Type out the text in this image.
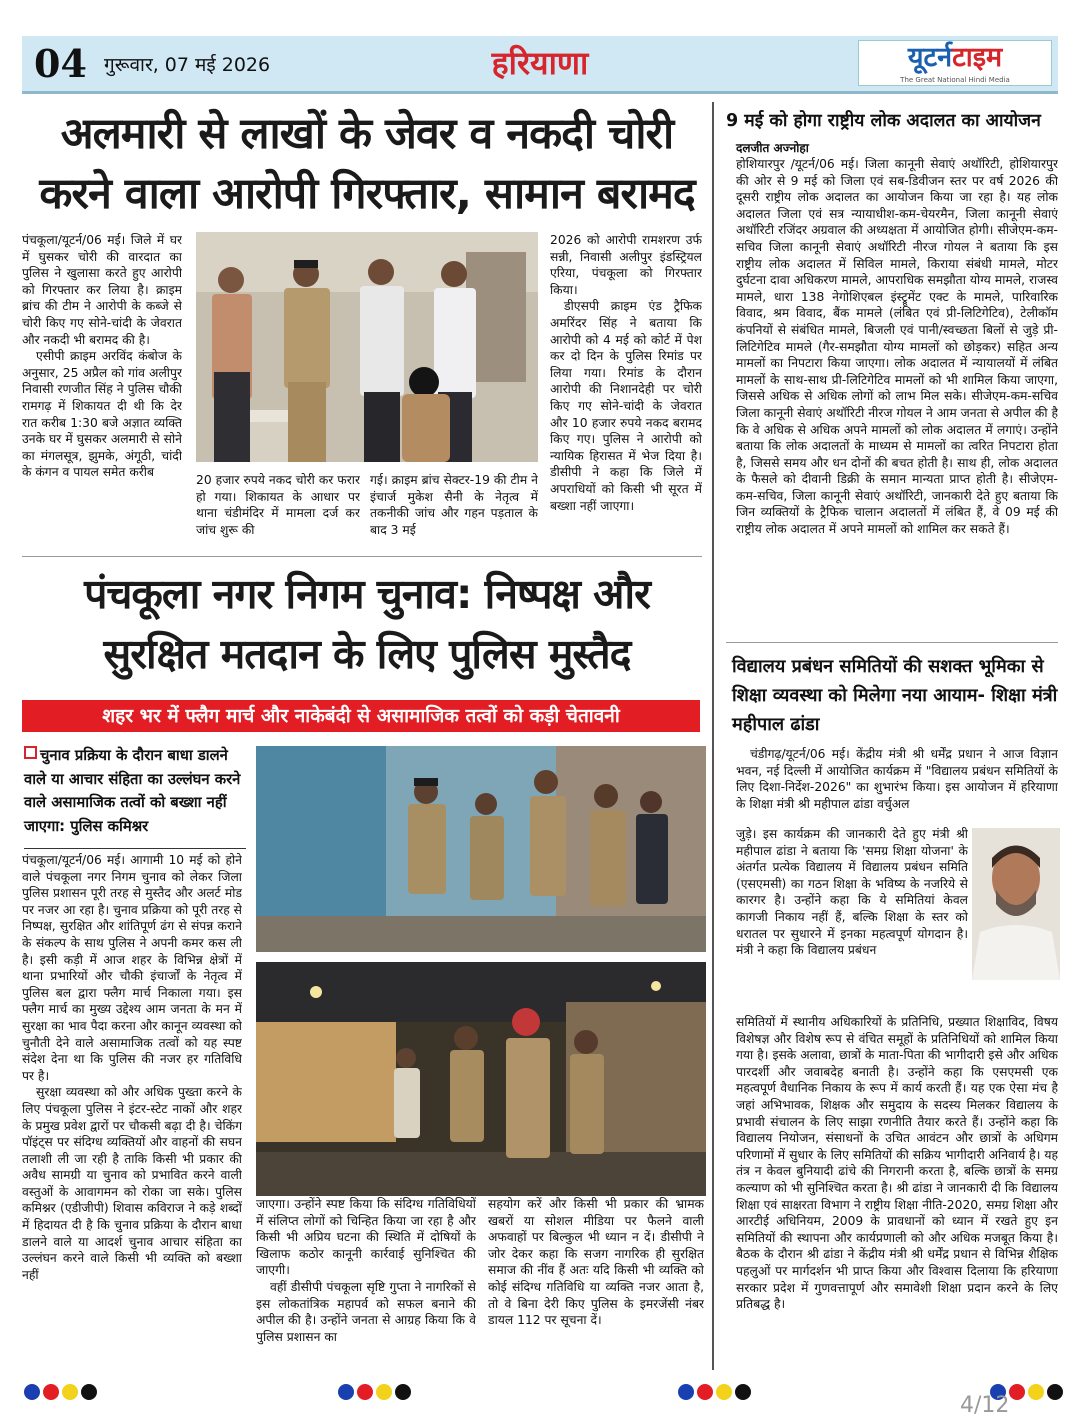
04 गुरूवार, 07 मई 2026	हरियाणा	यूटर्नटाइम
The Great National Hindi Media
अलमारी से लाखों के जेवर व नकदी चोरी
करने वाला आरोपी गिरफ्तार, सामान बरामद

पंचकूला/यूटर्न/06 मई। जिले में घर में घुसकर चोरी की वारदात का पुलिस ने खुलासा करते हुए आरोपी को गिरफ्तार कर लिया है। क्राइम ब्रांच की टीम ने आरोपी के कब्जे से चोरी किए गए सोने-चांदी के जेवरात और नकदी भी बरामद की है।

एसीपी क्राइम अरविंद कंबोज के अनुसार, 25 अप्रैल को गांव अलीपुर निवासी रणजीत सिंह ने पुलिस चौकी रामगढ़ में शिकायत दी थी कि देर रात करीब 1:30 बजे अज्ञात व्यक्ति उनके घर में घुसकर अलमारी से सोने का मंगलसूत्र, झुमके, अंगूठी, चांदी के कंगन व पायल समेत करीब

20 हजार रुपये नकद चोरी कर फरार हो गया। शिकायत के आधार पर थाना चंडीमंदिर में मामला दर्ज कर जांच शुरू की

गई। क्राइम ब्रांच सेक्टर-19 की टीम ने इंचार्ज मुकेश सैनी के नेतृत्व में तकनीकी जांच और गहन पड़ताल के बाद 3 मई

2026 को आरोपी रामशरण उर्फ सन्नी, निवासी अलीपुर इंडस्ट्रियल एरिया, पंचकूला को गिरफ्तार किया।

डीएसपी क्राइम एंड ट्रैफिक अमरिंदर सिंह ने बताया कि आरोपी को 4 मई को कोर्ट में पेश कर दो दिन के पुलिस रिमांड पर लिया गया। रिमांड के दौरान आरोपी की निशानदेही पर चोरी किए गए सोने-चांदी के जेवरात और 10 हजार रुपये नकद बरामद किए गए। पुलिस ने आरोपी को न्यायिक हिरासत में भेज दिया है। डीसीपी ने कहा कि जिले में अपराधियों को किसी भी सूरत में बख्शा नहीं जाएगा।

पंचकूला नगर निगम चुनाव: निष्पक्ष और
सुरक्षित मतदान के लिए पुलिस मुस्तैद
शहर भर में फ्लैग मार्च और नाकेबंदी से असामाजिक तत्वों को कड़ी चेतावनी
चुनाव प्रक्रिया के दौरान बाधा डालने वाले या आचार संहिता का उल्लंघन करने वाले असामाजिक तत्वों को बख्शा नहीं जाएगा: पुलिस कमिश्नर

पंचकूला/यूटर्न/06 मई। आगामी 10 मई को होने वाले पंचकूला नगर निगम चुनाव को लेकर जिला पुलिस प्रशासन पूरी तरह से मुस्तैद और अलर्ट मोड पर नजर आ रहा है। चुनाव प्रक्रिया को पूरी तरह से निष्पक्ष, सुरक्षित और शांतिपूर्ण ढंग से संपन्न कराने के संकल्प के साथ पुलिस ने अपनी कमर कस ली है। इसी कड़ी में आज शहर के विभिन्न क्षेत्रों में थाना प्रभारियों और चौकी इंचार्जों के नेतृत्व में पुलिस बल द्वारा फ्लैग मार्च निकाला गया। इस फ्लैग मार्च का मुख्य उद्देश्य आम जनता के मन में सुरक्षा का भाव पैदा करना और कानून व्यवस्था को चुनौती देने वाले असामाजिक तत्वों को यह स्पष्ट संदेश देना था कि पुलिस की नजर हर गतिविधि पर है।

सुरक्षा व्यवस्था को और अधिक पुख्ता करने के लिए पंचकूला पुलिस ने इंटर-स्टेट नाकों और शहर के प्रमुख प्रवेश द्वारों पर चौकसी बढ़ा दी है। चेकिंग पॉइंट्स पर संदिग्ध व्यक्तियों और वाहनों की सघन तलाशी ली जा रही है ताकि किसी भी प्रकार की अवैध सामग्री या चुनाव को प्रभावित करने वाली वस्तुओं के आवागमन को रोका जा सके। पुलिस कमिश्नर (एडीजीपी) शिवास कविराज ने कड़े शब्दों में हिदायत दी है कि चुनाव प्रक्रिया के दौरान बाधा डालने वाले या आदर्श चुनाव आचार संहिता का उल्लंघन करने वाले किसी भी व्यक्ति को बख्शा नहीं

जाएगा। उन्होंने स्पष्ट किया कि संदिग्ध गतिविधियों में संलिप्त लोगों को चिन्हित किया जा रहा है और किसी भी अप्रिय घटना की स्थिति में दोषियों के खिलाफ कठोर कानूनी कार्रवाई सुनिश्चित की जाएगी।

वहीं डीसीपी पंचकूला सृष्टि गुप्ता ने नागरिकों से इस लोकतांत्रिक महापर्व को सफल बनाने की अपील की है। उन्होंने जनता से आग्रह किया कि वे पुलिस प्रशासन का

सहयोग करें और किसी भी प्रकार की भ्रामक खबरों या सोशल मीडिया पर फैलने वाली अफवाहों पर बिल्कुल भी ध्यान न दें। डीसीपी ने जोर देकर कहा कि सजग नागरिक ही सुरक्षित समाज की नींव हैं अतः यदि किसी भी व्यक्ति को कोई संदिग्ध गतिविधि या व्यक्ति नजर आता है, तो वे बिना देरी किए पुलिस के इमरजेंसी नंबर डायल 112 पर सूचना दें।

9 मई को होगा राष्ट्रीय लोक अदालत का आयोजन
दलजीत अज्नोहा

होशियारपुर /यूटर्न/06 मई। जिला कानूनी सेवाएं अथॉरिटी, होशियारपुर की ओर से 9 मई को जिला एवं सब-डिवीजन स्तर पर वर्ष 2026 की दूसरी राष्ट्रीय लोक अदालत का आयोजन किया जा रहा है। यह लोक अदालत जिला एवं सत्र न्यायाधीश-कम-चेयरमैन, जिला कानूनी सेवाएं अथॉरिटी रजिंदर अग्रवाल की अध्यक्षता में आयोजित होगी। सीजेएम-कम-सचिव जिला कानूनी सेवाएं अथॉरिटी नीरज गोयल ने बताया कि इस राष्ट्रीय लोक अदालत में सिविल मामले, किराया संबंधी मामले, मोटर दुर्घटना दावा अधिकरण मामले, आपराधिक समझौता योग्य मामले, राजस्व मामले, धारा 138 नेगोशिएबल इंस्ट्रूमेंट एक्ट के मामले, पारिवारिक विवाद, श्रम विवाद, बैंक मामले (लंबित एवं प्री-लिटिगेटिव), टेलीकॉम कंपनियों से संबंधित मामले, बिजली एवं पानी/स्वच्छता बिलों से जुड़े प्री-लिटिगेटिव मामले (गैर-समझौता योग्य मामलों को छोड़कर) सहित अन्य मामलों का निपटारा किया जाएगा। लोक अदालत में न्यायालयों में लंबित मामलों के साथ-साथ प्री-लिटिगेटिव मामलों को भी शामिल किया जाएगा, जिससे अधिक से अधिक लोगों को लाभ मिल सके। सीजेएम-कम-सचिव जिला कानूनी सेवाएं अथॉरिटी नीरज गोयल ने आम जनता से अपील की है कि वे अधिक से अधिक अपने मामलों को लोक अदालत में लगाएं। उन्होंने बताया कि लोक अदालतों के माध्यम से मामलों का त्वरित निपटारा होता है, जिससे समय और धन दोनों की बचत होती है। साथ ही, लोक अदालत के फैसले को दीवानी डिक्री के समान मान्यता प्राप्त होती है। सीजेएम-कम-सचिव, जिला कानूनी सेवाएं अथॉरिटी, जानकारी देते हुए बताया कि जिन व्यक्तियों के ट्रैफिक चालान अदालतों में लंबित हैं, वे 09 मई की राष्ट्रीय लोक अदालत में अपने मामलों को शामिल कर सकते हैं।

विद्यालय प्रबंधन समितियों की सशक्त भूमिका से शिक्षा व्यवस्था को मिलेगा नया आयाम- शिक्षा मंत्री महीपाल ढांडा

चंडीगढ़/यूटर्न/06 मई। केंद्रीय मंत्री श्री धर्मेंद्र प्रधान ने आज विज्ञान भवन, नई दिल्ली में आयोजित कार्यक्रम में "विद्यालय प्रबंधन समितियों के लिए दिशा-निर्देश-2026" का शुभारंभ किया। इस आयोजन में हरियाणा के शिक्षा मंत्री श्री महीपाल ढांडा वर्चुअल

जुड़े। इस कार्यक्रम की जानकारी देते हुए मंत्री श्री महीपाल ढांडा ने बताया कि 'समग्र शिक्षा योजना' के अंतर्गत प्रत्येक विद्यालय में विद्यालय प्रबंधन समिति (एसएमसी) का गठन शिक्षा के भविष्य के नजरिये से कारगर है। उन्होंने कहा कि ये समितियां केवल कागजी निकाय नहीं हैं, बल्कि शिक्षा के स्तर को धरातल पर सुधारने में इनका महत्वपूर्ण योगदान है। मंत्री ने कहा कि विद्यालय प्रबंधन

समितियों में स्थानीय अधिकारियों के प्रतिनिधि, प्रख्यात शिक्षाविद, विषय विशेषज्ञ और विशेष रूप से वंचित समूहों के प्रतिनिधियों को शामिल किया गया है। इसके अलावा, छात्रों के माता-पिता की भागीदारी इसे और अधिक पारदर्शी और जवाबदेह बनाती है। उन्होंने कहा कि एसएमसी एक महत्वपूर्ण वैधानिक निकाय के रूप में कार्य करती हैं। यह एक ऐसा मंच है जहां अभिभावक, शिक्षक और समुदाय के सदस्य मिलकर विद्यालय के प्रभावी संचालन के लिए साझा रणनीति तैयार करते हैं। उन्होंने कहा कि विद्यालय नियोजन, संसाधनों के उचित आवंटन और छात्रों के अधिगम परिणामों में सुधार के लिए समितियों की सक्रिय भागीदारी अनिवार्य है। यह तंत्र न केवल बुनियादी ढांचे की निगरानी करता है, बल्कि छात्रों के समग्र कल्याण को भी सुनिश्चित करता है। श्री ढांडा ने जानकारी दी कि विद्यालय शिक्षा एवं साक्षरता विभाग ने राष्ट्रीय शिक्षा नीति-2020, समग्र शिक्षा और आरटीई अधिनियम, 2009 के प्रावधानों को ध्यान में रखते हुए इन समितियों की स्थापना और कार्यप्रणाली को और अधिक मजबूत किया है। बैठक के दौरान श्री ढांडा ने केंद्रीय मंत्री श्री धर्मेंद्र प्रधान से विभिन्न शैक्षिक पहलुओं पर मार्गदर्शन भी प्राप्त किया और विश्वास दिलाया कि हरियाणा सरकार प्रदेश में गुणवत्तापूर्ण और समावेशी शिक्षा प्रदान करने के लिए प्रतिबद्ध है।

4/12
